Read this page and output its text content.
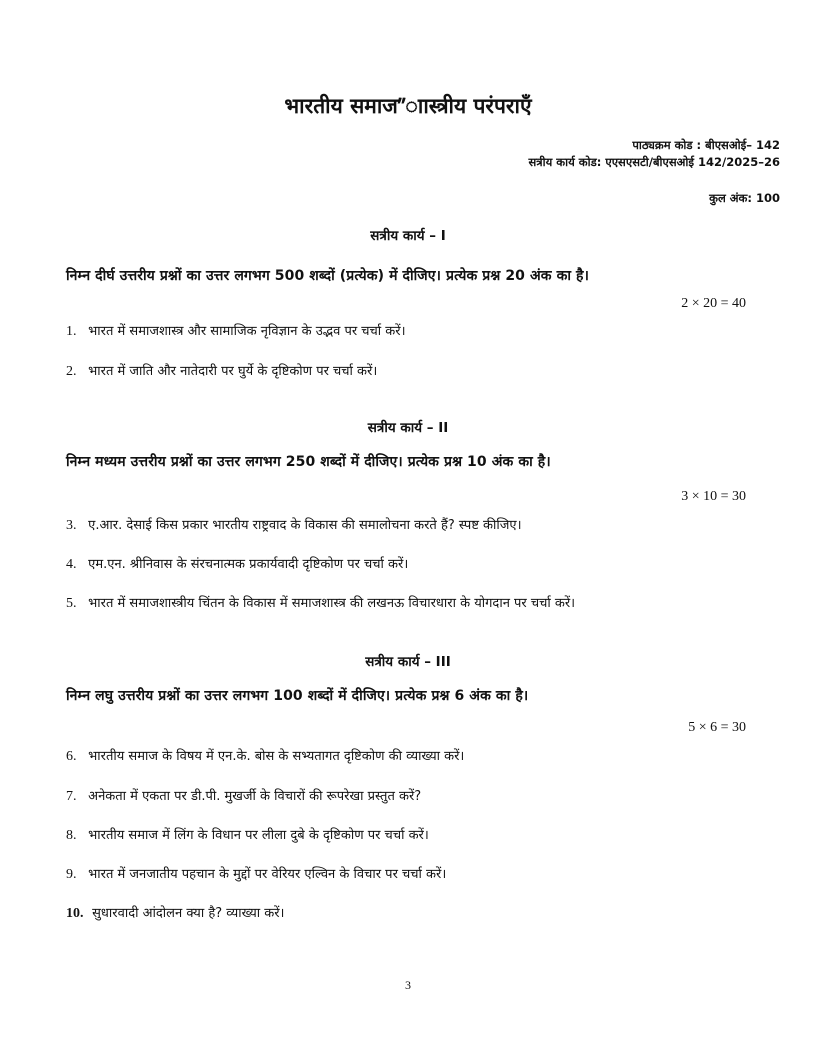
भारतीय समाज”ाास्त्रीय परंपराएँ
पाठ्यक्रम कोड : बीएसओई– 142
सत्रीय कार्य कोड: एएसएसटी/बीएसओई 142/2025–26
कुल अंक: 100
सत्रीय कार्य – I
निम्न दीर्घ उत्तरीय प्रश्नों का उत्तर लगभग 500 शब्दों (प्रत्येक) में दीजिए। प्रत्येक प्रश्न 20 अंक का है।
2 × 20 = 40
1. भारत में समाजशास्त्र और सामाजिक नृविज्ञान के उद्भव पर चर्चा करें।
2. भारत में जाति और नातेदारी पर घुर्ये के दृष्टिकोण पर चर्चा करें।
सत्रीय कार्य – II
निम्न मध्यम उत्तरीय प्रश्नों का उत्तर लगभग 250 शब्दों में दीजिए। प्रत्येक प्रश्न 10 अंक का है।
3 × 10 = 30
3. ए.आर. देसाई किस प्रकार भारतीय राष्ट्रवाद के विकास की समालोचना करते हैं? स्पष्ट कीजिए।
4. एम.एन. श्रीनिवास के संरचनात्मक प्रकार्यवादी दृष्टिकोण पर चर्चा करें।
5. भारत में समाजशास्त्रीय चिंतन के विकास में समाजशास्त्र की लखनऊ विचारधारा के योगदान पर चर्चा करें।
सत्रीय कार्य – III
निम्न लघु उत्तरीय प्रश्नों का उत्तर लगभग 100 शब्दों में दीजिए। प्रत्येक प्रश्न 6 अंक का है।
5 × 6 = 30
6. भारतीय समाज के विषय में एन.के. बोस के सभ्यतागत दृष्टिकोण की व्याख्या करें।
7. अनेकता में एकता पर डी.पी. मुखर्जी के विचारों की रूपरेखा प्रस्तुत करें?
8. भारतीय समाज में लिंग के विधान पर लीला दुबे के दृष्टिकोण पर चर्चा करें।
9. भारत में जनजातीय पहचान के मुद्दों पर वेरियर एल्विन के विचार पर चर्चा करें।
10. सुधारवादी आंदोलन क्या है? व्याख्या करें।
3
